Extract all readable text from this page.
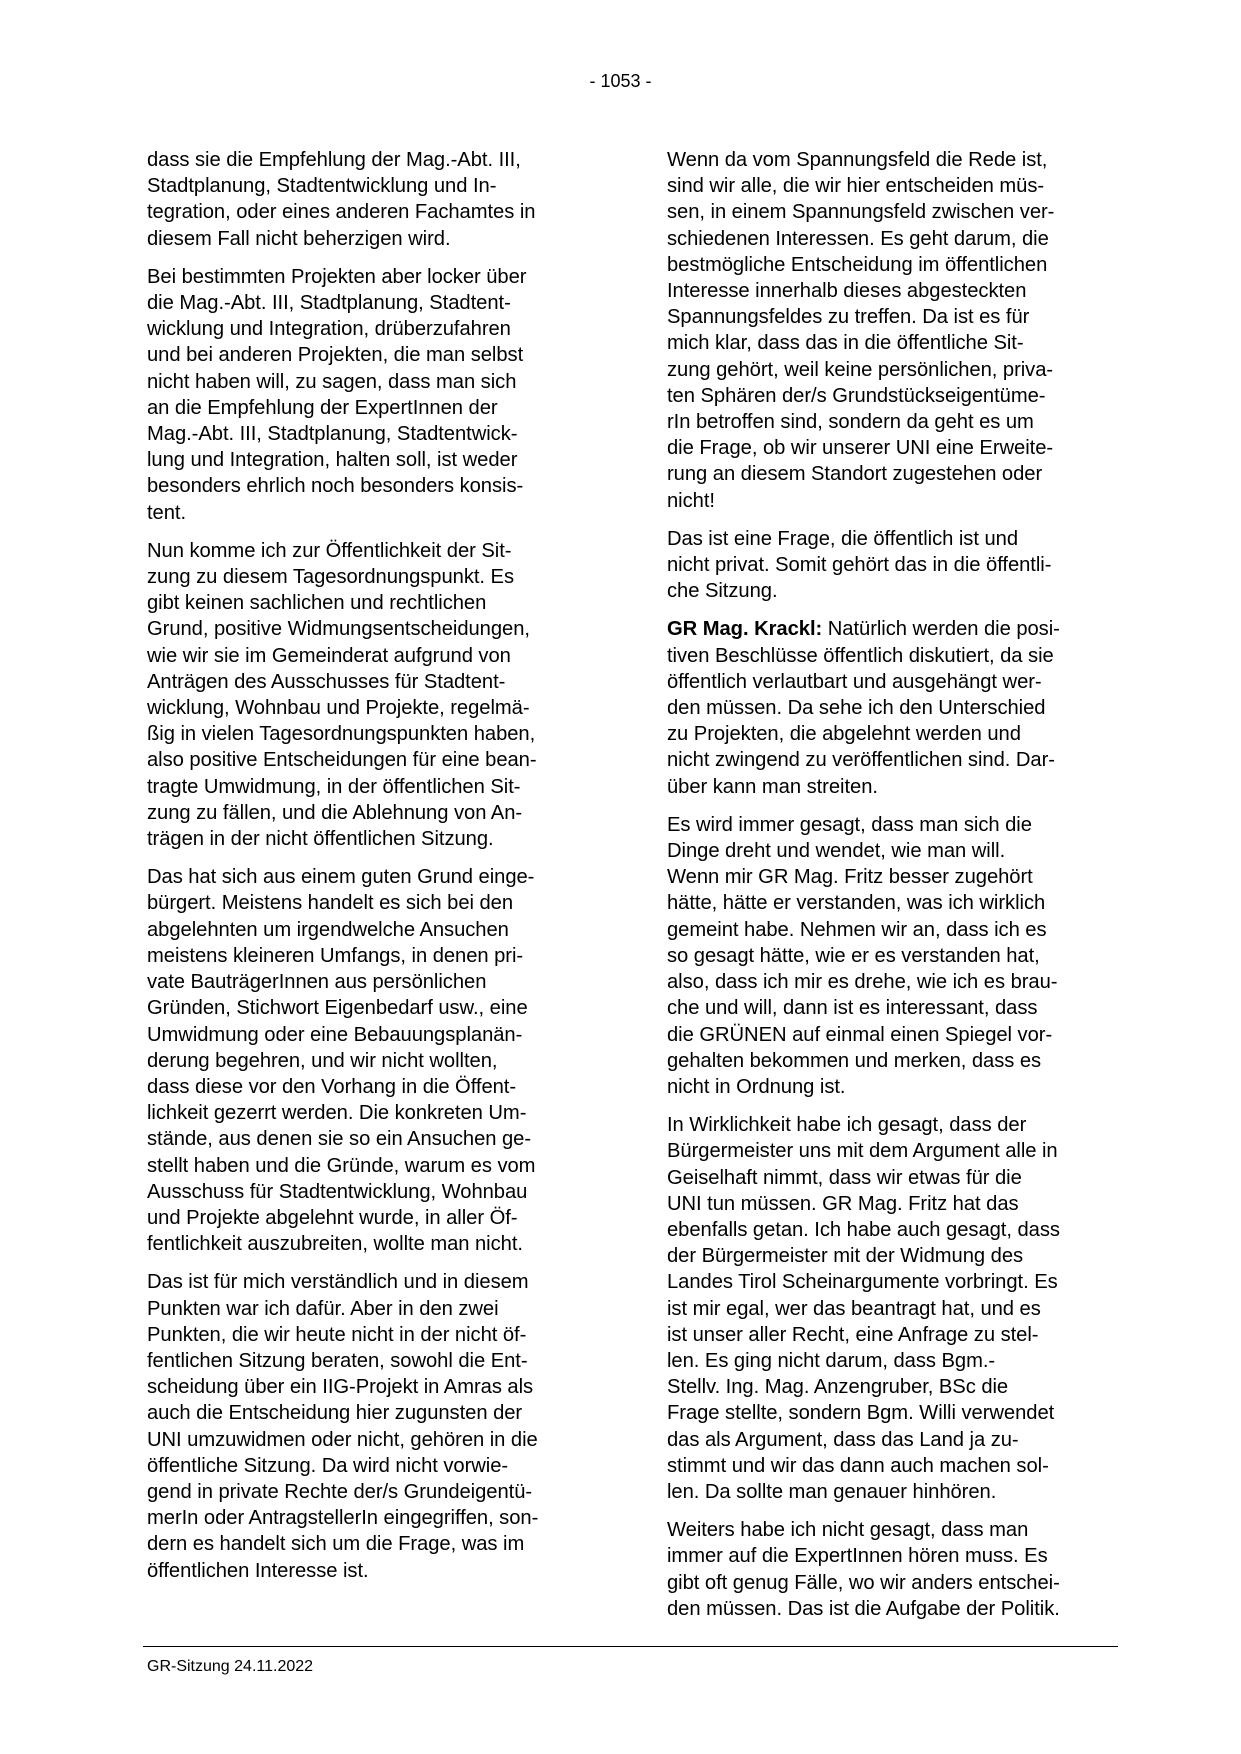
- 1053 -

dass sie die Empfehlung der Mag.-Abt. III,
Stadtplanung, Stadtentwicklung und In-
tegration, oder eines anderen Fachamtes in
diesem Fall nicht beherzigen wird.

Bei bestimmten Projekten aber locker über
die Mag.-Abt. III, Stadtplanung, Stadtent-
wicklung und Integration, drüberzufahren
und bei anderen Projekten, die man selbst
nicht haben will, zu sagen, dass man sich
an die Empfehlung der ExpertInnen der
Mag.-Abt. III, Stadtplanung, Stadtentwick-
lung und Integration, halten soll, ist weder
besonders ehrlich noch besonders konsis-
tent.

Nun komme ich zur Öffentlichkeit der Sit-
zung zu diesem Tagesordnungspunkt. Es
gibt keinen sachlichen und rechtlichen
Grund, positive Widmungsentscheidungen,
wie wir sie im Gemeinderat aufgrund von
Anträgen des Ausschusses für Stadtent-
wicklung, Wohnbau und Projekte, regelmä-
ßig in vielen Tagesordnungspunkten haben,
also positive Entscheidungen für eine bean-
tragte Umwidmung, in der öffentlichen Sit-
zung zu fällen, und die Ablehnung von An-
trägen in der nicht öffentlichen Sitzung.

Das hat sich aus einem guten Grund einge-
bürgert. Meistens handelt es sich bei den
abgelehnten um irgendwelche Ansuchen
meistens kleineren Umfangs, in denen pri-
vate BauträgerInnen aus persönlichen
Gründen, Stichwort Eigenbedarf usw., eine
Umwidmung oder eine Bebauungsplanän-
derung begehren, und wir nicht wollten,
dass diese vor den Vorhang in die Öffent-
lichkeit gezerrt werden. Die konkreten Um-
stände, aus denen sie so ein Ansuchen ge-
stellt haben und die Gründe, warum es vom
Ausschuss für Stadtentwicklung, Wohnbau
und Projekte abgelehnt wurde, in aller Öf-
fentlichkeit auszubreiten, wollte man nicht.

Das ist für mich verständlich und in diesem
Punkten war ich dafür. Aber in den zwei
Punkten, die wir heute nicht in der nicht öf-
fentlichen Sitzung beraten, sowohl die Ent-
scheidung über ein IIG-Projekt in Amras als
auch die Entscheidung hier zugunsten der
UNI umzuwidmen oder nicht, gehören in die
öffentliche Sitzung. Da wird nicht vorwie-
gend in private Rechte der/s Grundeigentü-
merIn oder AntragstellerIn eingegriffen, son-
dern es handelt sich um die Frage, was im
öffentlichen Interesse ist.

Wenn da vom Spannungsfeld die Rede ist,
sind wir alle, die wir hier entscheiden müs-
sen, in einem Spannungsfeld zwischen ver-
schiedenen Interessen. Es geht darum, die
bestmögliche Entscheidung im öffentlichen
Interesse innerhalb dieses abgesteckten
Spannungsfeldes zu treffen. Da ist es für
mich klar, dass das in die öffentliche Sit-
zung gehört, weil keine persönlichen, priva-
ten Sphären der/s Grundstückseigentüme-
rIn betroffen sind, sondern da geht es um
die Frage, ob wir unserer UNI eine Erweite-
rung an diesem Standort zugestehen oder
nicht!

Das ist eine Frage, die öffentlich ist und
nicht privat. Somit gehört das in die öffentli-
che Sitzung.

GR Mag. Krackl: Natürlich werden die posi-
tiven Beschlüsse öffentlich diskutiert, da sie
öffentlich verlautbart und ausgehängt wer-
den müssen. Da sehe ich den Unterschied
zu Projekten, die abgelehnt werden und
nicht zwingend zu veröffentlichen sind. Dar-
über kann man streiten.

Es wird immer gesagt, dass man sich die
Dinge dreht und wendet, wie man will.
Wenn mir GR Mag. Fritz besser zugehört
hätte, hätte er verstanden, was ich wirklich
gemeint habe. Nehmen wir an, dass ich es
so gesagt hätte, wie er es verstanden hat,
also, dass ich mir es drehe, wie ich es brau-
che und will, dann ist es interessant, dass
die GRÜNEN auf einmal einen Spiegel vor-
gehalten bekommen und merken, dass es
nicht in Ordnung ist.

In Wirklichkeit habe ich gesagt, dass der
Bürgermeister uns mit dem Argument alle in
Geiselhaft nimmt, dass wir etwas für die
UNI tun müssen. GR Mag. Fritz hat das
ebenfalls getan. Ich habe auch gesagt, dass
der Bürgermeister mit der Widmung des
Landes Tirol Scheinargumente vorbringt. Es
ist mir egal, wer das beantragt hat, und es
ist unser aller Recht, eine Anfrage zu stel-
len. Es ging nicht darum, dass Bgm.-
Stellv. Ing. Mag. Anzengruber, BSc die
Frage stellte, sondern Bgm. Willi verwendet
das als Argument, dass das Land ja zu-
stimmt und wir das dann auch machen sol-
len. Da sollte man genauer hinhören.

Weiters habe ich nicht gesagt, dass man
immer auf die ExpertInnen hören muss. Es
gibt oft genug Fälle, wo wir anders entschei-
den müssen. Das ist die Aufgabe der Politik.

GR-Sitzung 24.11.2022
